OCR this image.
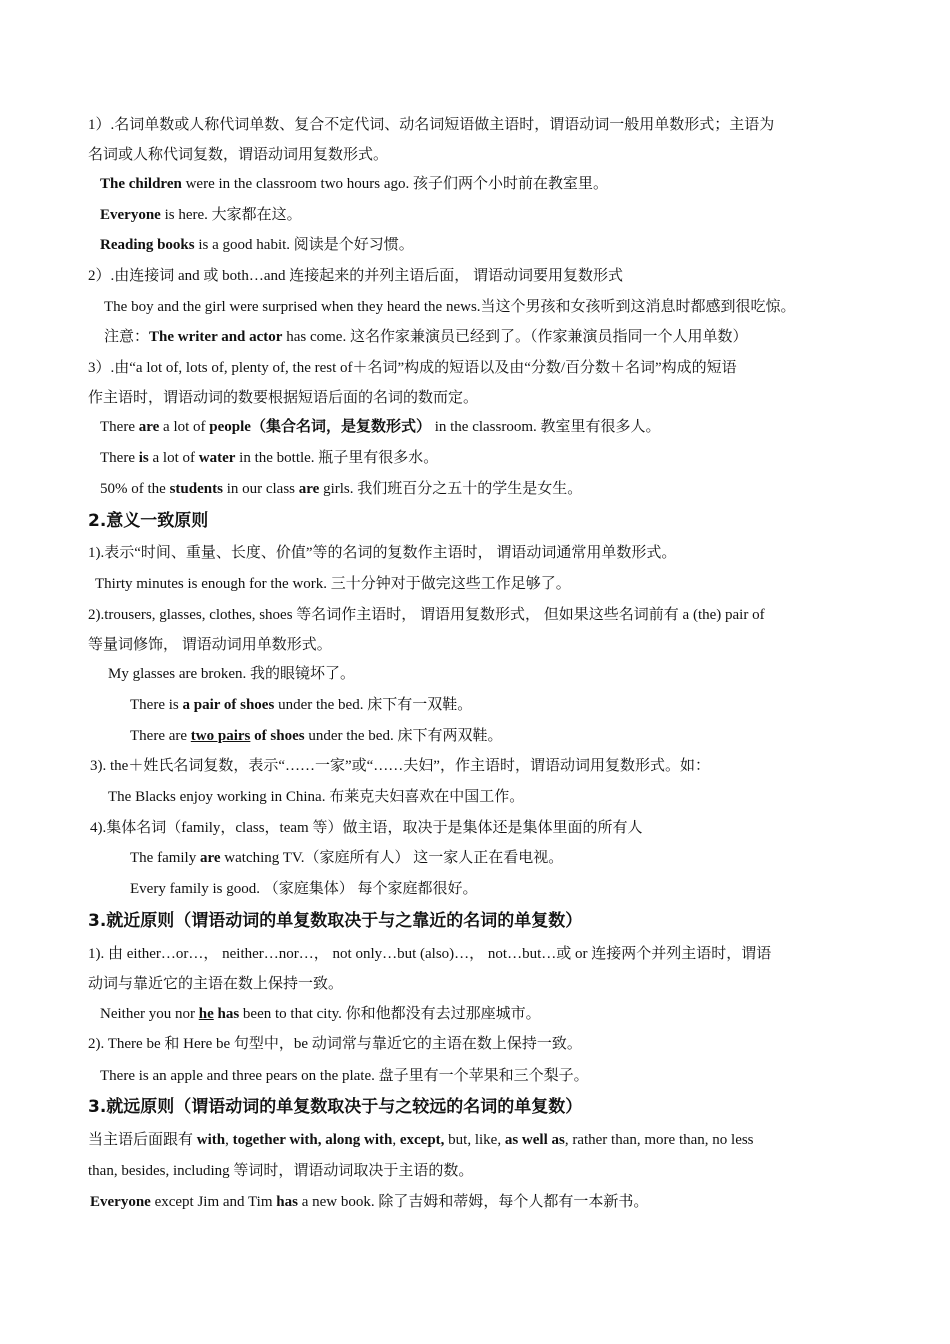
1）.名词单数或人称代词单数、复合不定代词、动名词短语做主语时，谓语动词一般用单数形式；主语为
名词或人称代词复数，谓语动词用复数形式。
The children were in the classroom two hours ago. 孩子们两个小时前在教室里。
Everyone is here. 大家都在这。
Reading books is a good habit. 阅读是个好习惯。
2）.由连接词 and 或 both…and 连接起来的并列主语后面， 谓语动词要用复数形式
The boy and the girl were surprised when they heard the news.当这个男孩和女孩听到这消息时都感到很吃惊。
注意：The writer and actor has come. 这名作家兼演员已经到了。（作家兼演员指同一个人用单数）
3）.由“a lot of, lots of, plenty of, the rest of＋名词”构成的短语以及由“分数/百分数＋名词”构成的短语
作主语时，谓语动词的数要根据短语后面的名词的数而定。
There are a lot of people（集合名词，是复数形式） in the classroom. 教室里有很多人。
There is a lot of water in the bottle. 瓶子里有很多水。
50% of the students in our class are girls. 我们班百分之五十的学生是女生。
2.意义一致原则
1).表示“时间、重量、长度、价值”等的名词的复数作主语时， 谓语动词通常用单数形式。
Thirty minutes is enough for the work. 三十分钟对于做完这些工作足够了。
2).trousers, glasses, clothes, shoes 等名词作主语时， 谓语用复数形式， 但如果这些名词前有 a (the) pair of
等量词修饰， 谓语动词用单数形式。
My glasses are broken. 我的眼镜坏了。
There is a pair of shoes under the bed. 床下有一双鞋。
There are two pairs of shoes under the bed. 床下有两双鞋。
3). the＋姓氏名词复数，表示“……一家”或“……夫妇”，作主语时，谓语动词用复数形式。如：
The Blacks enjoy working in China. 布莱克夫妇喜欢在中国工作。
4).集体名词（family，class，team 等）做主语，取决于是集体还是集体里面的所有人
The family are watching TV.（家庭所有人） 这一家人正在看电视。
Every family is good. （家庭集体） 每个家庭都很好。
3.就近原则（谓语动词的单复数取决于与之靠近的名词的单复数）
1). 由 either…or…， neither…nor…， not only…but (also)…， not…but…或 or 连接两个并列主语时，谓语
动词与靠近它的主语在数上保持一致。
Neither you nor he has been to that city. 你和他都没有去过那座城市。
2). There be 和 Here be 句型中，be 动词常与靠近它的主语在数上保持一致。
There is an apple and three pears on the plate. 盘子里有一个苹果和三个梨子。
3.就远原则（谓语动词的单复数取决于与之较远的名词的单复数）
当主语后面跟有 with, together with, along with, except, but, like, as well as, rather than, more than, no less
than, besides, including 等词时，谓语动词取决于主语的数。
Everyone except Jim and Tim has a new book. 除了吉姆和蒂姆，每个人都有一本新书。
